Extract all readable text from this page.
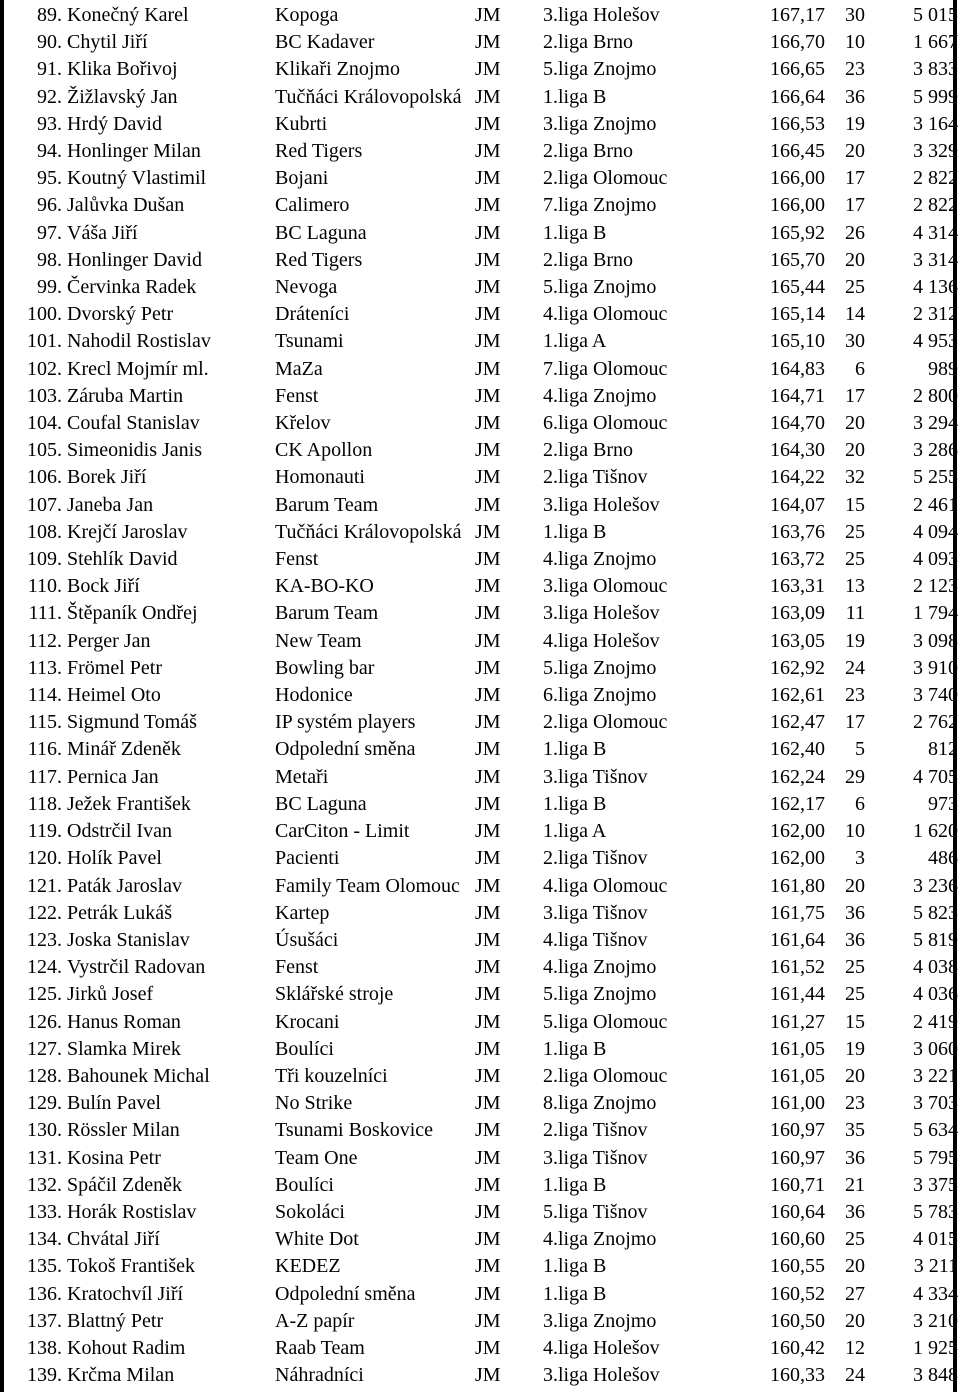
89.	Konečný Karel	Kopoga	JM	3.liga Holešov	167,17	30	5 015
90.	Chytil Jiří	BC Kadaver	JM	2.liga Brno	166,70	10	1 667
91.	Klika Bořivoj	Klikaři Znojmo	JM	5.liga Znojmo	166,65	23	3 833
92.	Žižlavský Jan	Tučňáci Královopolská	JM	1.liga B	166,64	36	5 999
93.	Hrdý David	Kubrti	JM	3.liga Znojmo	166,53	19	3 164
94.	Honlinger Milan	Red Tigers	JM	2.liga Brno	166,45	20	3 329
95.	Koutný Vlastimil	Bojani	JM	2.liga Olomouc	166,00	17	2 822
96.	Jalůvka Dušan	Calimero	JM	7.liga Znojmo	166,00	17	2 822
97.	Váša Jiří	BC Laguna	JM	1.liga B	165,92	26	4 314
98.	Honlinger David	Red Tigers	JM	2.liga Brno	165,70	20	3 314
99.	Červinka Radek	Nevoga	JM	5.liga Znojmo	165,44	25	4 136
100.	Dvorský Petr	Dráteníci	JM	4.liga Olomouc	165,14	14	2 312
101.	Nahodil Rostislav	Tsunami	JM	1.liga A	165,10	30	4 953
102.	Krecl Mojmír ml.	MaZa	JM	7.liga Olomouc	164,83	6	989
103.	Záruba Martin	Fenst	JM	4.liga Znojmo	164,71	17	2 800
104.	Coufal Stanislav	Křelov	JM	6.liga Olomouc	164,70	20	3 294
105.	Simeonidis Janis	CK Apollon	JM	2.liga Brno	164,30	20	3 286
106.	Borek Jiří	Homonauti	JM	2.liga Tišnov	164,22	32	5 255
107.	Janeba Jan	Barum Team	JM	3.liga Holešov	164,07	15	2 461
108.	Krejčí Jaroslav	Tučňáci Královopolská	JM	1.liga B	163,76	25	4 094
109.	Stehlík David	Fenst	JM	4.liga Znojmo	163,72	25	4 093
110.	Bock Jiří	KA-BO-KO	JM	3.liga Olomouc	163,31	13	2 123
111.	Štěpaník Ondřej	Barum Team	JM	3.liga Holešov	163,09	11	1 794
112.	Perger Jan	New Team	JM	4.liga Holešov	163,05	19	3 098
113.	Frömel Petr	Bowling bar	JM	5.liga Znojmo	162,92	24	3 910
114.	Heimel Oto	Hodonice	JM	6.liga Znojmo	162,61	23	3 740
115.	Sigmund Tomáš	IP systém players	JM	2.liga Olomouc	162,47	17	2 762
116.	Minář Zdeněk	Odpolední směna	JM	1.liga B	162,40	5	812
117.	Pernica Jan	Metaři	JM	3.liga Tišnov	162,24	29	4 705
118.	Ježek František	BC Laguna	JM	1.liga B	162,17	6	973
119.	Odstrčil Ivan	CarCiton - Limit	JM	1.liga A	162,00	10	1 620
120.	Holík Pavel	Pacienti	JM	2.liga Tišnov	162,00	3	486
121.	Paták Jaroslav	Family Team Olomouc	JM	4.liga Olomouc	161,80	20	3 236
122.	Petrák Lukáš	Kartep	JM	3.liga Tišnov	161,75	36	5 823
123.	Joska Stanislav	Úsušáci	JM	4.liga Tišnov	161,64	36	5 819
124.	Vystrčil Radovan	Fenst	JM	4.liga Znojmo	161,52	25	4 038
125.	Jirků Josef	Sklářské stroje	JM	5.liga Znojmo	161,44	25	4 036
126.	Hanus Roman	Krocani	JM	5.liga Olomouc	161,27	15	2 419
127.	Slamka Mirek	Boulíci	JM	1.liga B	161,05	19	3 060
128.	Bahounek Michal	Tři kouzelníci	JM	2.liga Olomouc	161,05	20	3 221
129.	Bulín Pavel	No Strike	JM	8.liga Znojmo	161,00	23	3 703
130.	Rössler Milan	Tsunami Boskovice	JM	2.liga Tišnov	160,97	35	5 634
131.	Kosina Petr	Team One	JM	3.liga Tišnov	160,97	36	5 795
132.	Spáčil Zdeněk	Boulíci	JM	1.liga B	160,71	21	3 375
133.	Horák Rostislav	Sokoláci	JM	5.liga Tišnov	160,64	36	5 783
134.	Chvátal Jiří	White Dot	JM	4.liga Znojmo	160,60	25	4 015
135.	Tokoš František	KEDEZ	JM	1.liga B	160,55	20	3 211
136.	Kratochvíl Jiří	Odpolední směna	JM	1.liga B	160,52	27	4 334
137.	Blattný Petr	A-Z papír	JM	3.liga Znojmo	160,50	20	3 210
138.	Kohout Radim	Raab Team	JM	4.liga Holešov	160,42	12	1 925
139.	Krčma Milan	Náhradníci	JM	3.liga Holešov	160,33	24	3 848
